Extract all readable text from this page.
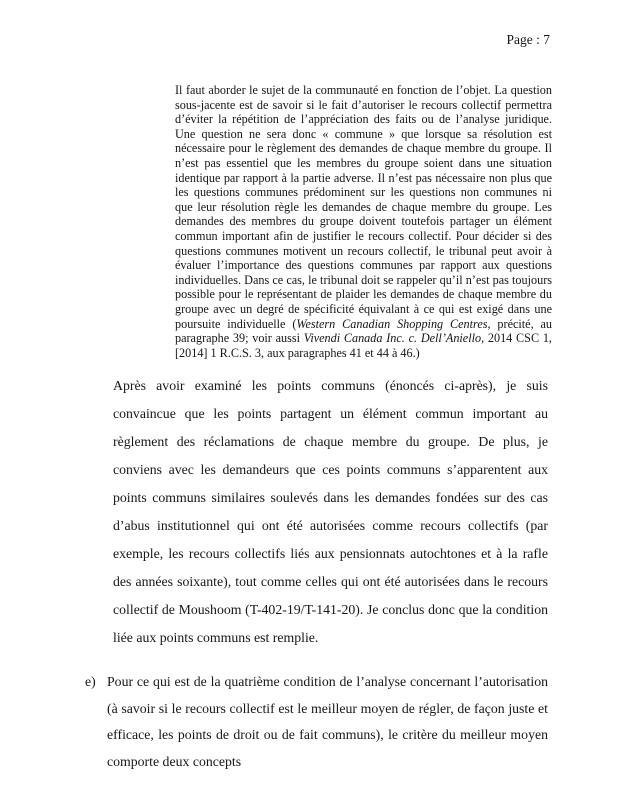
Page : 7
Il faut aborder le sujet de la communauté en fonction de l’objet. La question sous-jacente est de savoir si le fait d’autoriser le recours collectif permettra d’éviter la répétition de l’appréciation des faits ou de l’analyse juridique. Une question ne sera donc « commune » que lorsque sa résolution est nécessaire pour le règlement des demandes de chaque membre du groupe. Il n’est pas essentiel que les membres du groupe soient dans une situation identique par rapport à la partie adverse. Il n’est pas nécessaire non plus que les questions communes prédominent sur les questions non communes ni que leur résolution règle les demandes de chaque membre du groupe. Les demandes des membres du groupe doivent toutefois partager un élément commun important afin de justifier le recours collectif. Pour décider si des questions communes motivent un recours collectif, le tribunal peut avoir à évaluer l’importance des questions communes par rapport aux questions individuelles. Dans ce cas, le tribunal doit se rappeler qu’il n’est pas toujours possible pour le représentant de plaider les demandes de chaque membre du groupe avec un degré de spécificité équivalant à ce qui est exigé dans une poursuite individuelle (Western Canadian Shopping Centres, précité, au paragraphe 39; voir aussi Vivendi Canada Inc. c. Dell’Aniello, 2014 CSC 1, [2014] 1 R.C.S. 3, aux paragraphes 41 et 44 à 46.)

Après avoir examiné les points communs (énoncés ci-après), je suis convaincue que les points partagent un élément commun important au règlement des réclamations de chaque membre du groupe. De plus, je conviens avec les demandeurs que ces points communs s’apparentent aux points communs similaires soulevés dans les demandes fondées sur des cas d’abus institutionnel qui ont été autorisées comme recours collectifs (par exemple, les recours collectifs liés aux pensionnats autochtones et à la rafle des années soixante), tout comme celles qui ont été autorisées dans le recours collectif de Moushoom (T-402-19/T-141-20). Je conclus donc que la condition liée aux points communs est remplie.

e) Pour ce qui est de la quatrième condition de l’analyse concernant l’autorisation (à savoir si le recours collectif est le meilleur moyen de régler, de façon juste et efficace, les points de droit ou de fait communs), le critère du meilleur moyen comporte deux concepts
